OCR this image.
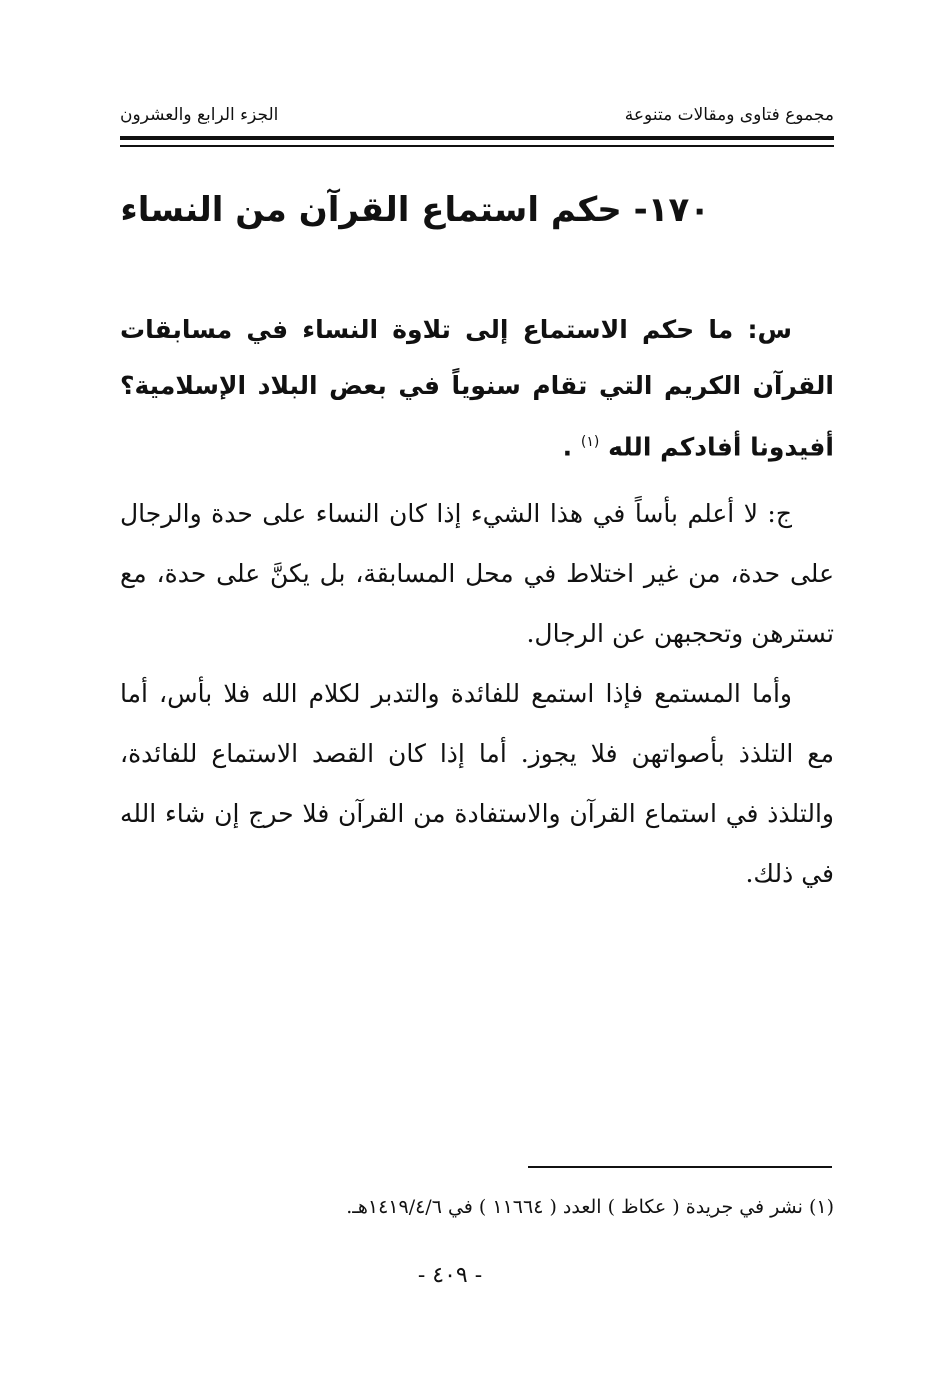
مجموع فتاوى ومقالات متنوعة
الجزء الرابع والعشرون
١٧٠- حكم استماع القرآن من النساء

س: ما حكم الاستماع إلى تلاوة النساء في مسابقات القرآن الكريم التي تقام سنوياً في بعض البلاد الإسلامية؟ أفيدونا أفادكم الله $^{(١)}$ .

ج: لا أعلم بأساً في هذا الشيء إذا كان النساء على حدة والرجال على حدة، من غير اختلاط في محل المسابقة، بل يكنَّ على حدة، مع تسترهن وتحجبهن عن الرجال.

وأما المستمع فإذا استمع للفائدة والتدبر لكلام الله فلا بأس، أما مع التلذذ بأصواتهن فلا يجوز. أما إذا كان القصد الاستماع للفائدة، والتلذذ في استماع القرآن والاستفادة من القرآن فلا حرج إن شاء الله في ذلك.

(١) نشر في جريدة ( عكاظ ) العدد ( ١١٦٦٤ ) في ١٤١٩/٤/٦هـ.
- ٤٠٩ -
